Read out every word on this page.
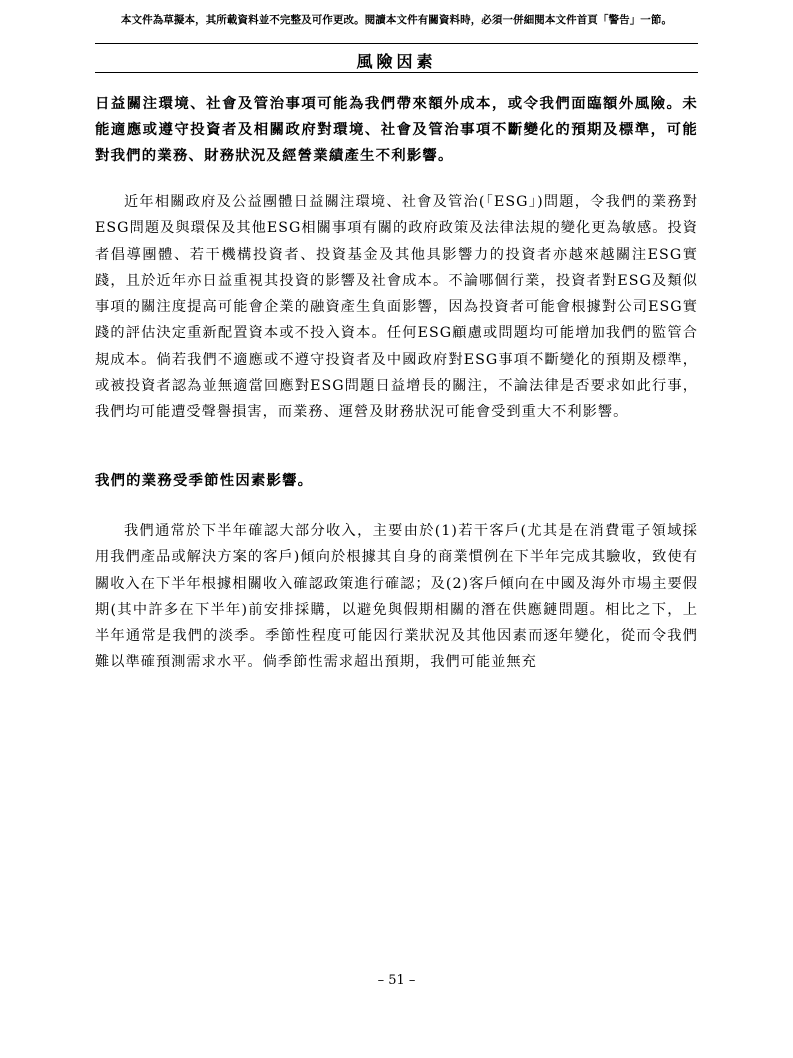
本文件為草擬本，其所載資料並不完整及可作更改。閱讀本文件有關資料時，必須一併細閱本文件首頁「警告」一節。
風險因素
日益關注環境、社會及管治事項可能為我們帶來額外成本，或令我們面臨額外風險。未能適應或遵守投資者及相關政府對環境、社會及管治事項不斷變化的預期及標準，可能對我們的業務、財務狀況及經營業績產生不利影響。
近年相關政府及公益團體日益關注環境、社會及管治(「ESG」)問題，令我們的業務對ESG問題及與環保及其他ESG相關事項有關的政府政策及法律法規的變化更為敏感。投資者倡導團體、若干機構投資者、投資基金及其他具影響力的投資者亦越來越關注ESG實踐，且於近年亦日益重視其投資的影響及社會成本。不論哪個行業，投資者對ESG及類似事項的關注度提高可能會企業的融資產生負面影響，因為投資者可能會根據對公司ESG實踐的評估決定重新配置資本或不投入資本。任何ESG顧慮或問題均可能增加我們的監管合規成本。倘若我們不適應或不遵守投資者及中國政府對ESG事項不斷變化的預期及標準，或被投資者認為並無適當回應對ESG問題日益增長的關注，不論法律是否要求如此行事，我們均可能遭受聲譽損害，而業務、運營及財務狀況可能會受到重大不利影響。
我們的業務受季節性因素影響。
我們通常於下半年確認大部分收入，主要由於(1)若干客戶(尤其是在消費電子領域採用我們產品或解決方案的客戶)傾向於根據其自身的商業慣例在下半年完成其驗收，致使有關收入在下半年根據相關收入確認政策進行確認；及(2)客戶傾向在中國及海外市場主要假期(其中許多在下半年)前安排採購，以避免與假期相關的潛在供應鏈問題。相比之下，上半年通常是我們的淡季。季節性程度可能因行業狀況及其他因素而逐年變化，從而令我們難以準確預測需求水平。倘季節性需求超出預期，我們可能並無充
– 51 –
